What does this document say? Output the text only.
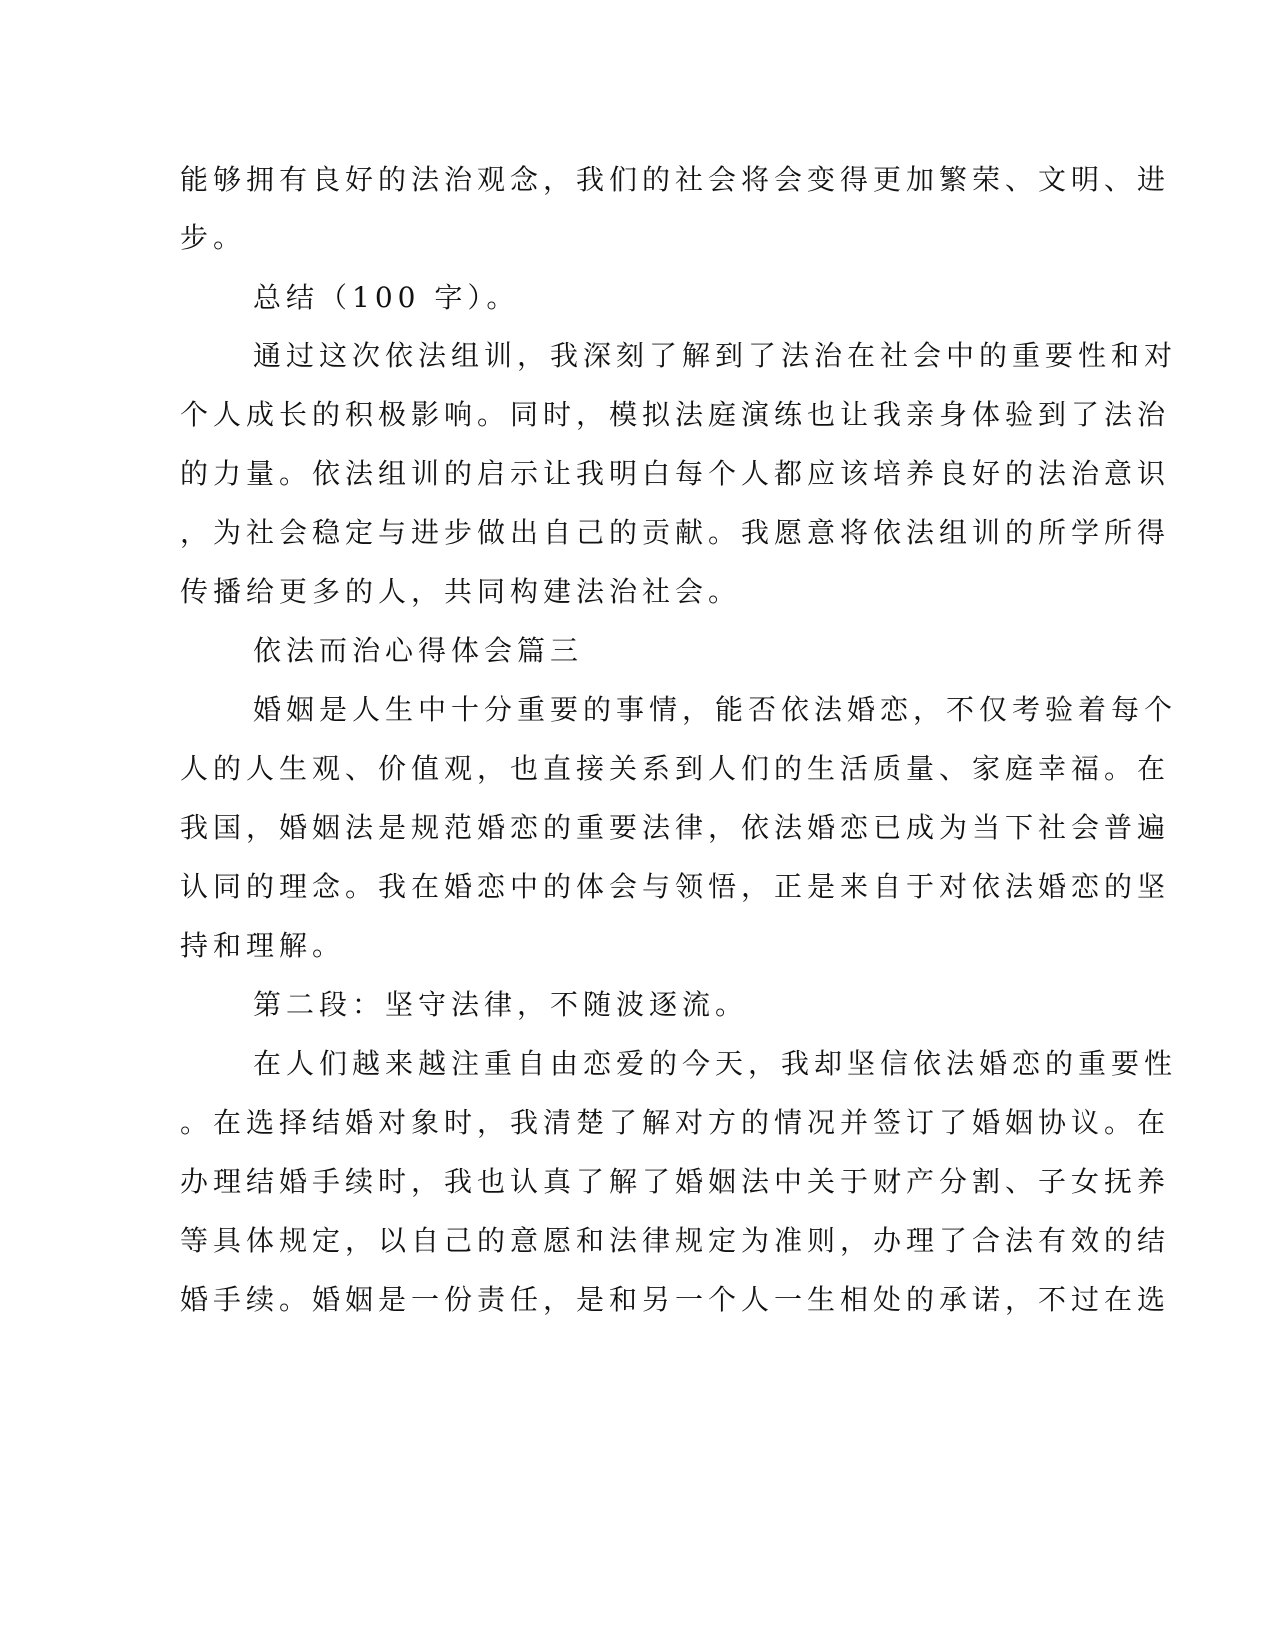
能够拥有良好的法治观念，我们的社会将会变得更加繁荣、文明、进

步。

总结（100 字）。

通过这次依法组训，我深刻了解到了法治在社会中的重要性和对

个人成长的积极影响。同时，模拟法庭演练也让我亲身体验到了法治

的力量。依法组训的启示让我明白每个人都应该培养良好的法治意识

，为社会稳定与进步做出自己的贡献。我愿意将依法组训的所学所得

传播给更多的人，共同构建法治社会。

依法而治心得体会篇三

婚姻是人生中十分重要的事情，能否依法婚恋，不仅考验着每个

人的人生观、价值观，也直接关系到人们的生活质量、家庭幸福。在

我国，婚姻法是规范婚恋的重要法律，依法婚恋已成为当下社会普遍

认同的理念。我在婚恋中的体会与领悟，正是来自于对依法婚恋的坚

持和理解。

第二段：坚守法律，不随波逐流。

在人们越来越注重自由恋爱的今天，我却坚信依法婚恋的重要性

。在选择结婚对象时，我清楚了解对方的情况并签订了婚姻协议。在

办理结婚手续时，我也认真了解了婚姻法中关于财产分割、子女抚养

等具体规定，以自己的意愿和法律规定为准则，办理了合法有效的结

婚手续。婚姻是一份责任，是和另一个人一生相处的承诺，不过在选
